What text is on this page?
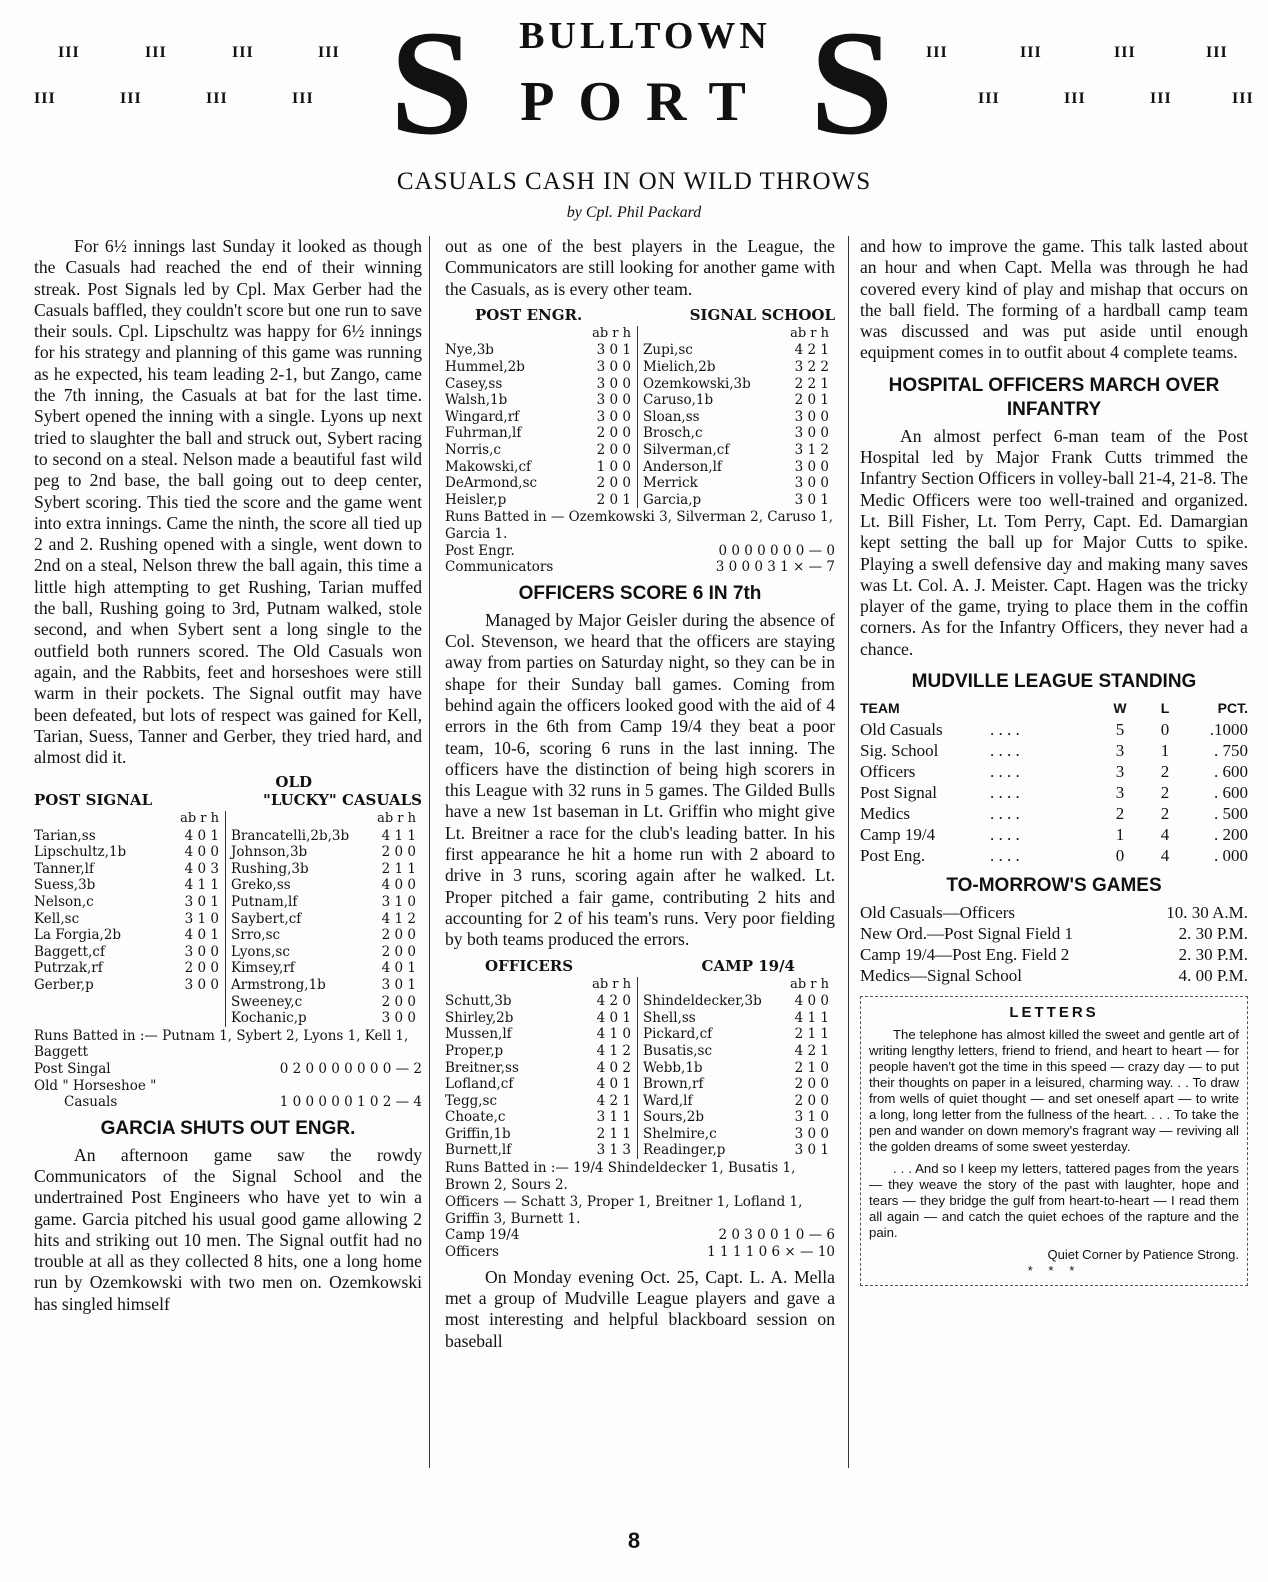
III	III	III	III
III	III	III	III
III	III	III	III
III	III	III	III
BULLTOWN
S PORT S
CASUALS CASH IN ON WILD THROWS
by Cpl. Phil Packard

For 6½ innings last Sunday it looked as though the Casuals had reached the end of their winning streak. Post Signals led by Cpl. Max Gerber had the Casuals baffled, they couldn't score but one run to save their souls. Cpl. Lipschultz was happy for 6½ innings for his strategy and planning of this game was running as he expected, his team leading 2-1, but Zango, came the 7th inning, the Casuals at bat for the last time. Sybert opened the inning with a single. Lyons up next tried to slaughter the ball and struck out, Sybert racing to second on a steal. Nelson made a beautiful fast wild peg to 2nd base, the ball going out to deep center, Sybert scoring. This tied the score and the game went into extra innings. Came the ninth, the score all tied up 2 and 2. Rushing opened with a single, went down to 2nd on a steal, Nelson threw the ball again, this time a little high attempting to get Rushing, Tarian muffed the ball, Rushing going to 3rd, Putnam walked, stole second, and when Sybert sent a long single to the outfield both runners scored. The Old Casuals won again, and the Rabbits, feet and horseshoes were still warm in their pockets. The Signal outfit may have been defeated, but lots of respect was gained for Kell, Tarian, Suess, Tanner and Gerber, they tried hard, and almost did it.

OLD
POST SIGNAL	"LUCKY" CASUALS
ab r h
Tarian,ss	4 0 1
Lipschultz,1b	4 0 0
Tanner,lf	4 0 3
Suess,3b	4 1 1
Nelson,c	3 0 1
Kell,sc	3 1 0
La Forgia,2b	4 0 1
Baggett,cf	3 0 0
Putrzak,rf	2 0 0
Gerber,p	3 0 0
ab r h
Brancatelli,2b,3b 4 1 1
Johnson,3b	2 0 0
Rushing,3b	2 1 1
Greko,ss	4 0 0
Putnam,lf	3 1 0
Saybert,cf	4 1 2
Srro,sc	2 0 0
Lyons,sc	2 0 0
Kimsey,rf	4 0 1
Armstrong,1b	3 0 1
Sweeney,c	2 0 0
Kochanic,p	3 0 0
Runs Batted in :— Putnam 1, Sybert 2, Lyons 1, Kell 1, Baggett
Post Singal	0 2 0 0 0 0 0 0 0 — 2
Old " Horseshoe "
Casuals	1 0 0 0 0 0 1 0 2 — 4
GARCIA SHUTS OUT ENGR.

An afternoon game saw the rowdy Communicators of the Signal School and the undertrained Post Engineers who have yet to win a game. Garcia pitched his usual good game allowing 2 hits and striking out 10 men. The Signal outfit had no trouble at all as they collected 8 hits, one a long home run by Ozemkowski with two men on. Ozemkowski has singled himself

out as one of the best players in the League, the Communicators are still looking for another game with the Casuals, as is every other team.

POST ENGR.	SIGNAL SCHOOL
ab r h
Nye,3b	3 0 1
Hummel,2b	3 0 0
Casey,ss	3 0 0
Walsh,1b	3 0 0
Wingard,rf	3 0 0
Fuhrman,lf	2 0 0
Norris,c	2 0 0
Makowski,cf	1 0 0
DeArmond,sc	2 0 0
Heisler,p	2 0 1
ab r h
Zupi,sc	4 2 1
Mielich,2b	3 2 2
Ozemkowski,3b	2 2 1
Caruso,1b	2 0 1
Sloan,ss	3 0 0
Brosch,c	3 0 0
Silverman,cf	3 1 2
Anderson,lf	3 0 0
Merrick	3 0 0
Garcia,p	3 0 1
Runs Batted in — Ozemkowski 3, Silverman 2, Caruso 1, Garcia 1.
Post Engr.	0 0 0 0 0 0 0 — 0
Communicators	3 0 0 0 3 1 × — 7
OFFICERS SCORE 6 IN 7th

Managed by Major Geisler during the absence of Col. Stevenson, we heard that the officers are staying away from parties on Saturday night, so they can be in shape for their Sunday ball games. Coming from behind again the officers looked good with the aid of 4 errors in the 6th from Camp 19/4 they beat a poor team, 10-6, scoring 6 runs in the last inning. The officers have the distinction of being high scorers in this League with 32 runs in 5 games. The Gilded Bulls have a new 1st baseman in Lt. Griffin who might give Lt. Breitner a race for the club's leading batter. In his first appearance he hit a home run with 2 aboard to drive in 3 runs, scoring again after he walked. Lt. Proper pitched a fair game, contributing 2 hits and accounting for 2 of his team's runs. Very poor fielding by both teams produced the errors.

OFFICERS	CAMP 19/4
ab r h
Schutt,3b	4 2 0
Shirley,2b	4 0 1
Mussen,lf	4 1 0
Proper,p	4 1 2
Breitner,ss	4 0 2
Lofland,cf	4 0 1
Tegg,sc	4 2 1
Choate,c	3 1 1
Griffin,1b	2 1 1
Burnett,lf	3 1 3
ab r h
Shindeldecker,3b 4 0 0
Shell,ss	4 1 1
Pickard,cf	2 1 1
Busatis,sc	4 2 1
Webb,1b	2 1 0
Brown,rf	2 0 0
Ward,lf	2 0 0
Sours,2b	3 1 0
Shelmire,c	3 0 0
Readinger,p	3 0 1
Runs Batted in :— 19/4 Shindeldecker 1, Busatis 1, Brown 2, Sours 2.
Officers — Schatt 3, Proper 1, Breitner 1, Lofland 1, Griffin 3, Burnett 1.
Camp 19/4	2 0 3 0 0 1 0 — 6
Officers	1 1 1 1 0 6 × — 10

On Monday evening Oct. 25, Capt. L. A. Mella met a group of Mudville League players and gave a most interesting and helpful blackboard session on baseball

and how to improve the game. This talk lasted about an hour and when Capt. Mella was through he had covered every kind of play and mishap that occurs on the ball field. The forming of a hardball camp team was discussed and was put aside until enough equipment comes in to outfit about 4 complete teams.

HOSPITAL OFFICERS MARCH OVER INFANTRY

An almost perfect 6-man team of the Post Hospital led by Major Frank Cutts trimmed the Infantry Section Officers in volley-ball 21-4, 21-8. The Medic Officers were too well-trained and organized. Lt. Bill Fisher, Lt. Tom Perry, Capt. Ed. Damargian kept setting the ball up for Major Cutts to spike. Playing a swell defensive day and making many saves was Lt. Col. A. J. Meister. Capt. Hagen was the tricky player of the game, trying to place them in the coffin corners. As for the Infantry Officers, they never had a chance.

MUDVILLE LEAGUE STANDING
TEAM	W	L	PCT.
Old Casuals	. . . .	5	0	.1000
Sig. School	. . . .	3	1	. 750
Officers	. . . .	3	2	. 600
Post Signal	. . . .	3	2	. 600
Medics	. . . .	2	2	. 500
Camp 19/4	. . . .	1	4	. 200
Post Eng.	. . . .	0	4	. 000
TO-MORROW'S GAMES
Old Casuals—Officers	10. 30 A.M.
New Ord.—Post Signal Field 1	2. 30 P.M.
Camp 19/4—Post Eng. Field 2	2. 30 P.M.
Medics—Signal School	4. 00 P.M.
LETTERS

The telephone has almost killed the sweet and gentle art of writing lengthy letters, friend to friend, and heart to heart — for people haven't got the time in this speed — crazy day — to put their thoughts on paper in a leisured, charming way. . . To draw from wells of quiet thought — and set oneself apart — to write a long, long letter from the fullness of the heart. . . . To take the pen and wander on down memory's fragrant way — reviving all the golden dreams of some sweet yesterday.

. . . And so I keep my letters, tattered pages from the years — they weave the story of the past with laughter, hope and tears — they bridge the gulf from heart-to-heart — I read them all again — and catch the quiet echoes of the rapture and the pain.

Quiet Corner by Patience Strong.
* * *
8
